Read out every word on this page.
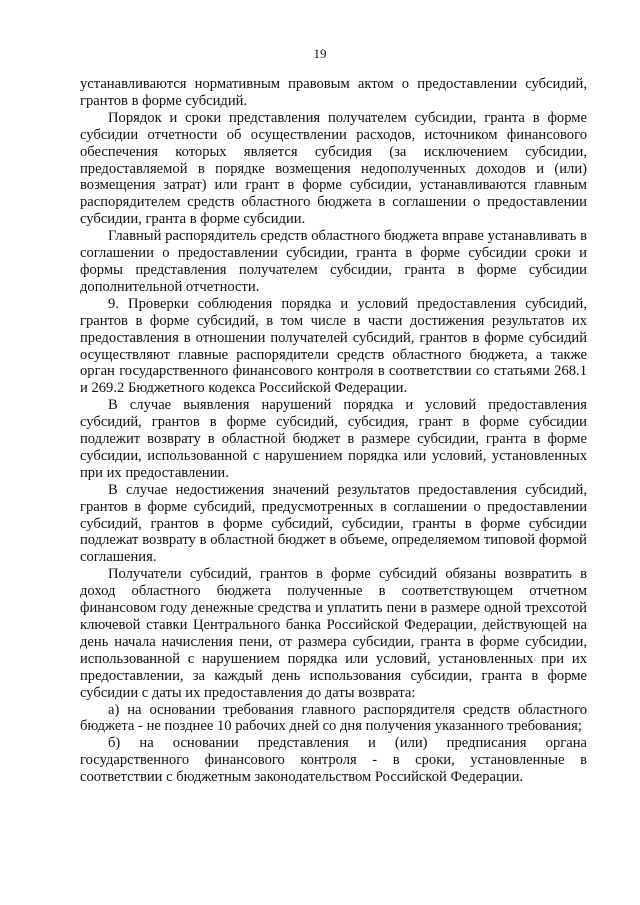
19

устанавливаются нормативным правовым актом о предоставлении субсидий, грантов в форме субсидий.

Порядок и сроки представления получателем субсидии, гранта в форме субсидии отчетности об осуществлении расходов, источником финансового обеспечения которых является субсидия (за исключением субсидии, предоставляемой в порядке возмещения недополученных доходов и (или) возмещения затрат) или грант в форме субсидии, устанавливаются главным распорядителем средств областного бюджета в соглашении о предоставлении субсидии, гранта в форме субсидии.

Главный распорядитель средств областного бюджета вправе устанавливать в соглашении о предоставлении субсидии, гранта в форме субсидии сроки и формы представления получателем субсидии, гранта в форме субсидии дополнительной отчетности.

9. Проверки соблюдения порядка и условий предоставления субсидий, грантов в форме субсидий, в том числе в части достижения результатов их предоставления в отношении получателей субсидий, грантов в форме субсидий осуществляют главные распорядители средств областного бюджета, а также орган государственного финансового контроля в соответствии со статьями 268.1 и 269.2 Бюджетного кодекса Российской Федерации.

В случае выявления нарушений порядка и условий предоставления субсидий, грантов в форме субсидий, субсидия, грант в форме субсидии подлежит возврату в областной бюджет в размере субсидии, гранта в форме субсидии, использованной с нарушением порядка или условий, установленных при их предоставлении.

В случае недостижения значений результатов предоставления субсидий, грантов в форме субсидий, предусмотренных в соглашении о предоставлении субсидий, грантов в форме субсидий, субсидии, гранты в форме субсидии подлежат возврату в областной бюджет в объеме, определяемом типовой формой соглашения.

Получатели субсидий, грантов в форме субсидий обязаны возвратить в доход областного бюджета полученные в соответствующем отчетном финансовом году денежные средства и уплатить пени в размере одной трехсотой ключевой ставки Центрального банка Российской Федерации, действующей на день начала начисления пени, от размера субсидии, гранта в форме субсидии, использованной с нарушением порядка или условий, установленных при их предоставлении, за каждый день использования субсидии, гранта в форме субсидии с даты их предоставления до даты возврата:

а) на основании требования главного распорядителя средств областного бюджета - не позднее 10 рабочих дней со дня получения указанного требования;

б) на основании представления и (или) предписания органа государственного финансового контроля - в сроки, установленные в соответствии с бюджетным законодательством Российской Федерации.
